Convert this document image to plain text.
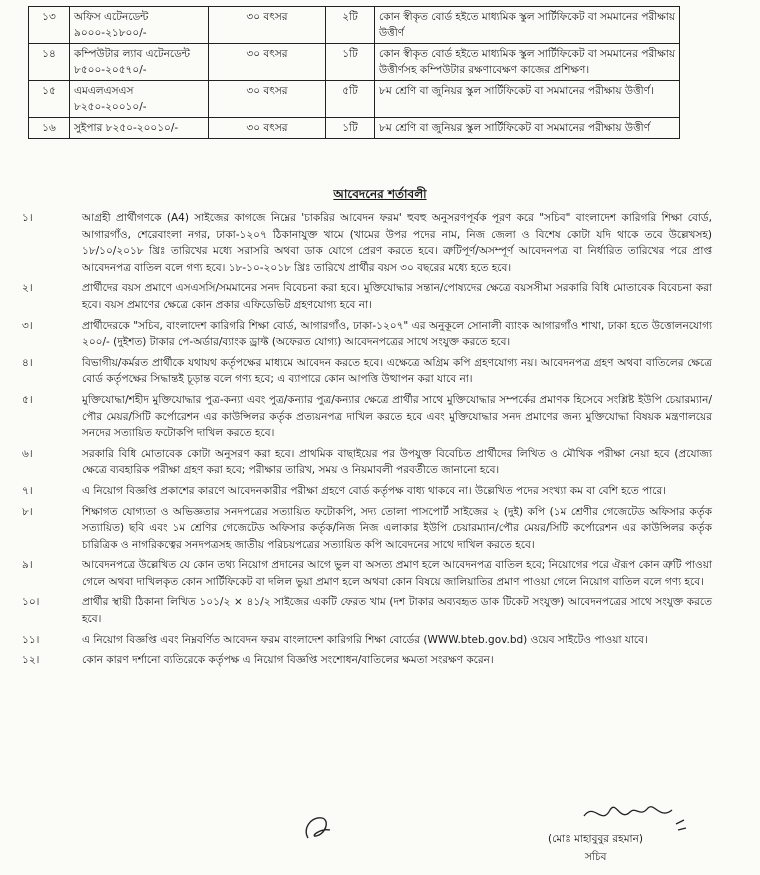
১৩	অফিস এটেনডেন্ট ৯০০০-২১৮০০/-	৩০ বৎসর	২টি	কোন স্বীকৃত বোর্ড হইতে মাধ্যমিক স্কুল সার্টিফিকেট বা সমমানের পরীক্ষায় উত্তীর্ণ
১৪	কম্পিউটার ল্যাব এটেনডেন্ট ৮৫০০-২০৫৭০/-	৩০ বৎসর	১টি	কোন স্বীকৃত বোর্ড হইতে মাধ্যমিক স্কুল সার্টিফিকেট বা সমমানের পরীক্ষায় উত্তীর্ণসহ কম্পিউটার রক্ষণাবেক্ষণ কাজের প্রশিক্ষণ।
১৫	এমএলএসএস ৮২৫০-২০০১০/-	৩০ বৎসর	৫টি	৮ম শ্রেণি বা জুনিয়র স্কুল সার্টিফিকেট বা সমমানের পরীক্ষায় উত্তীর্ণ।
১৬	সুইপার ৮২৫০-২০০১০/-	৩০ বৎসর	১টি	৮ম শ্রেণি বা জুনিয়র স্কুল সার্টিফিকেট বা সমমানের পরীক্ষায় উত্তীর্ণ
আবেদনের শর্তাবলী
১।	আগ্রহী প্রার্থীগণকে (A4) সাইজের কাগজে নিম্নের 'চাকরির আবেদন ফরম' হুবহু অনুসরণপূর্বক পূরণ করে "সচিব" বাংলাদেশ কারিগরি শিক্ষা বোর্ড, আগারগাঁও, শেরেবাংলা নগর, ঢাকা-১২০৭ ঠিকানাযুক্ত খামে (খামের উপর পদের নাম, নিজ জেলা ও বিশেষ কোটা যদি থাকে তবে উল্লেখসহ) ১৮/১০/২০১৮ খ্রিঃ তারিখের মধ্যে সরাসরি অথবা ডাক যোগে প্রেরণ করতে হবে। ত্রুটিপূর্ণ/অসম্পূর্ণ আবেদনপত্র বা নির্ধারিত তারিখের পরে প্রাপ্ত আবেদনপত্র বাতিল বলে গণ্য হবে। ১৮-১০-২০১৮ খ্রিঃ তারিখে প্রার্থীর বয়স ৩০ বছরের মধ্যে হতে হবে।
২।	প্রার্থীদের বয়স প্রমাণে এসএসসি/সমমানের সনদ বিবেচনা করা হবে। মুক্তিযোদ্ধার সন্তান/পোষ্যদের ক্ষেত্রে বয়সসীমা সরকারি বিধি মোতাবেক বিবেচনা করা হবে। বয়স প্রমাণের ক্ষেত্রে কোন প্রকার এফিডেভিট গ্রহণযোগ্য হবে না।
৩।	প্রার্থীদেরকে "সচিব, বাংলাদেশ কারিগরি শিক্ষা বোর্ড, আগারগাঁও, ঢাকা-১২০৭" এর অনুকূলে সোনালী ব্যাংক আগারগাঁও শাখা, ঢাকা হতে উত্তোলনযোগ্য ২০০/- (দুইশত) টাকার পে-অর্ডার/ব্যাংক ড্রাফ্ট (অফেরত যোগ্য) আবেদনপত্রের সাথে সংযুক্ত করতে হবে।
৪।	বিভাগীয়/কর্মরত প্রার্থীকে যথাযথ কর্তৃপক্ষের মাধ্যমে আবেদন করতে হবে। এক্ষেত্রে অগ্রিম কপি গ্রহণযোগ্য নয়। আবেদনপত্র গ্রহণ অথবা বাতিলের ক্ষেত্রে বোর্ড কর্তৃপক্ষের সিদ্ধান্তই চূড়ান্ত বলে গণ্য হবে; এ ব্যাপারে কোন আপত্তি উত্থাপন করা যাবে না।
৫।	মুক্তিযোদ্ধা/শহীদ মুক্তিযোদ্ধার পুত্র-কন্যা এবং পুত্র/কন্যার পুত্র/কন্যার ক্ষেত্রে প্রার্থীর সাথে মুক্তিযোদ্ধার সম্পর্কের প্রমাণক হিসেবে সংশ্লিষ্ট ইউপি চেয়ারম্যান/পৌর মেয়র/সিটি কর্পোরেশন এর কাউন্সিলর কর্তৃক প্রত্যয়নপত্র দাখিল করতে হবে এবং মুক্তিযোদ্ধার সনদ প্রমাণের জন্য মুক্তিযোদ্ধা বিষয়ক মন্ত্রণালয়ের সনদের সত্যায়িত ফটোকপি দাখিল করতে হবে।
৬।	সরকারি বিধি মোতাবেক কোটা অনুসরণ করা হবে। প্রাথমিক বাছাইয়ের পর উপযুক্ত বিবেচিত প্রার্থীদের লিখিত ও মৌখিক পরীক্ষা নেয়া হবে (প্রযোজ্য ক্ষেত্রে ব্যবহারিক পরীক্ষা গ্রহণ করা হবে; পরীক্ষার তারিখ, সময় ও নিয়মাবলী পরবর্তীতে জানানো হবে।
৭।	এ নিয়োগ বিজ্ঞপ্তি প্রকাশের কারণে আবেদনকারীর পরীক্ষা গ্রহণে বোর্ড কর্তৃপক্ষ বাধ্য থাকবে না। উল্লেখিত পদের সংখ্যা কম বা বেশি হতে পারে।
৮।	শিক্ষাগত যোগ্যতা ও অভিজ্ঞতার সনদপত্রের সত্যায়িত ফটোকপি, সদ্য তোলা পাসপোর্ট সাইজের ২ (দুই) কপি (১ম শ্রেণীর গেজেটেড অফিসার কর্তৃক সত্যায়িত) ছবি এবং ১ম শ্রেণির গেজেটেড অফিসার কর্তৃক/নিজ নিজ এলাকার ইউপি চেয়ারম্যান/পৌর মেয়র/সিটি কর্পোরেশন এর কাউন্সিলর কর্তৃক চারিত্রিক ও নাগরিকত্বের সনদপত্রসহ জাতীয় পরিচয়পত্রের সত্যায়িত কপি আবেদনের সাথে দাখিল করতে হবে।
৯।	আবেদনপত্রে উল্লেখিত যে কোন তথ্য নিয়োগ প্রদানের আগে ভুল বা অসত্য প্রমাণ হলে আবেদনপত্র বাতিল হবে; নিয়োগের পরে ঐরূপ কোন ত্রুটি পাওয়া গেলে অথবা দাখিলকৃত কোন সার্টিফিকেট বা দলিল ভুয়া প্রমাণ হলে অথবা কোন বিষয়ে জালিয়াতির প্রমাণ পাওয়া গেলে নিয়োগ বাতিল বলে গণ্য হবে।
১০।	প্রার্থীর স্থায়ী ঠিকানা লিখিত ১০১/২ × ৪১/২ সাইজের একটি ফেরত খাম (দশ টাকার অব্যবহৃত ডাক টিকেট সংযুক্ত) আবেদনপত্রের সাথে সংযুক্ত করতে হবে।
১১।	এ নিয়োগ বিজ্ঞপ্তি এবং নিম্নবর্ণিত আবেদন ফরম বাংলাদেশ কারিগরি শিক্ষা বোর্ডের (WWW.bteb.gov.bd) ওয়েব সাইটেও পাওয়া যাবে।
১২।	কোন কারণ দর্শানো ব্যতিরেকে কর্তৃপক্ষ এ নিয়োগ বিজ্ঞপ্তি সংশোধন/বাতিলের ক্ষমতা সংরক্ষণ করেন।
(মোঃ মাহাবুবুর রহমান)
সচিব
